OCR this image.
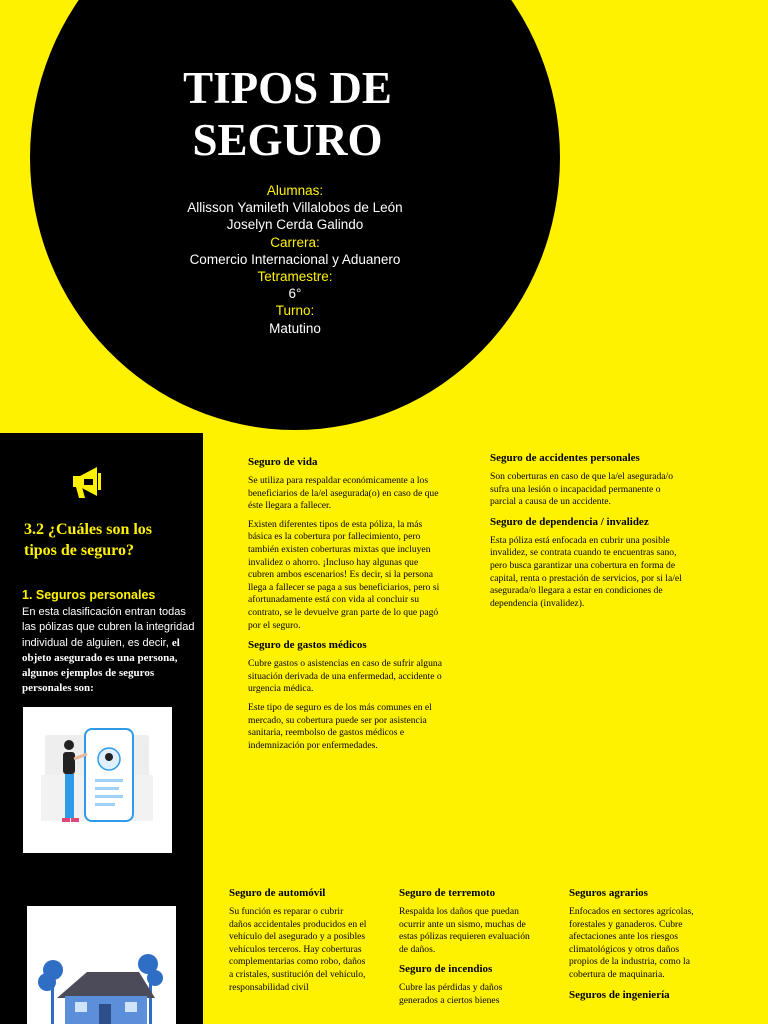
TIPOS DE
SEGURO
Alumnas:
Allisson Yamileth Villalobos de León
Joselyn Cerda Galindo
Carrera:
Comercio Internacional y Aduanero
Tetramestre:
6°
Turno:
Matutino
3.2 ¿Cuáles son los tipos de seguro?
1. Seguros personales

En esta clasificación entran todas las pólizas que cubren la integridad individual de alguien, es decir, el objeto asegurado es una persona, algunos ejemplos de seguros personales son:

Seguro de vida

Se utiliza para respaldar económicamente a los beneficiarios de la/el asegurada(o) en caso de que éste llegara a fallecer.

Existen diferentes tipos de esta póliza, la más básica es la cobertura por fallecimiento, pero también existen coberturas mixtas que incluyen invalidez o ahorro. ¡Incluso hay algunas que cubren ambos escenarios! Es decir, si la persona llega a fallecer se paga a sus beneficiarios, pero si afortunadamente está con vida al concluir su contrato, se le devuelve gran parte de lo que pagó por el seguro.

Seguro de gastos médicos

Cubre gastos o asistencias en caso de sufrir alguna situación derivada de una enfermedad, accidente o urgencia médica.

Este tipo de seguro es de los más comunes en el mercado, su cobertura puede ser por asistencia sanitaria, reembolso de gastos médicos e indemnización por enfermedades.

Seguro de accidentes personales

Son coberturas en caso de que la/el asegurada/o sufra una lesión o incapacidad permanente o parcial a causa de un accidente.

Seguro de dependencia / invalidez

Esta póliza está enfocada en cubrir una posible invalidez, se contrata cuando te encuentras sano, pero busca garantizar una cobertura en forma de capital, renta o prestación de servicios, por si la/el asegurada/o llegara a estar en condiciones de dependencia (invalidez).

Seguro de automóvil

Su función es reparar o cubrir daños accidentales producidos en el vehículo del asegurado y a posibles vehículos terceros. Hay coberturas complementarias como robo, daños a cristales, sustitución del vehículo, responsabilidad civil

Seguro de terremoto

Respalda los daños que puedan ocurrir ante un sismo, muchas de estas pólizas requieren evaluación de daños.

Seguro de incendios

Cubre las pérdidas y daños generados a ciertos bienes

Seguros agrarios

Enfocados en sectores agrícolas, forestales y ganaderos. Cubre afectaciones ante los riesgos climatológicos y otros daños propios de la industria, como la cobertura de maquinaria.

Seguros de ingeniería
